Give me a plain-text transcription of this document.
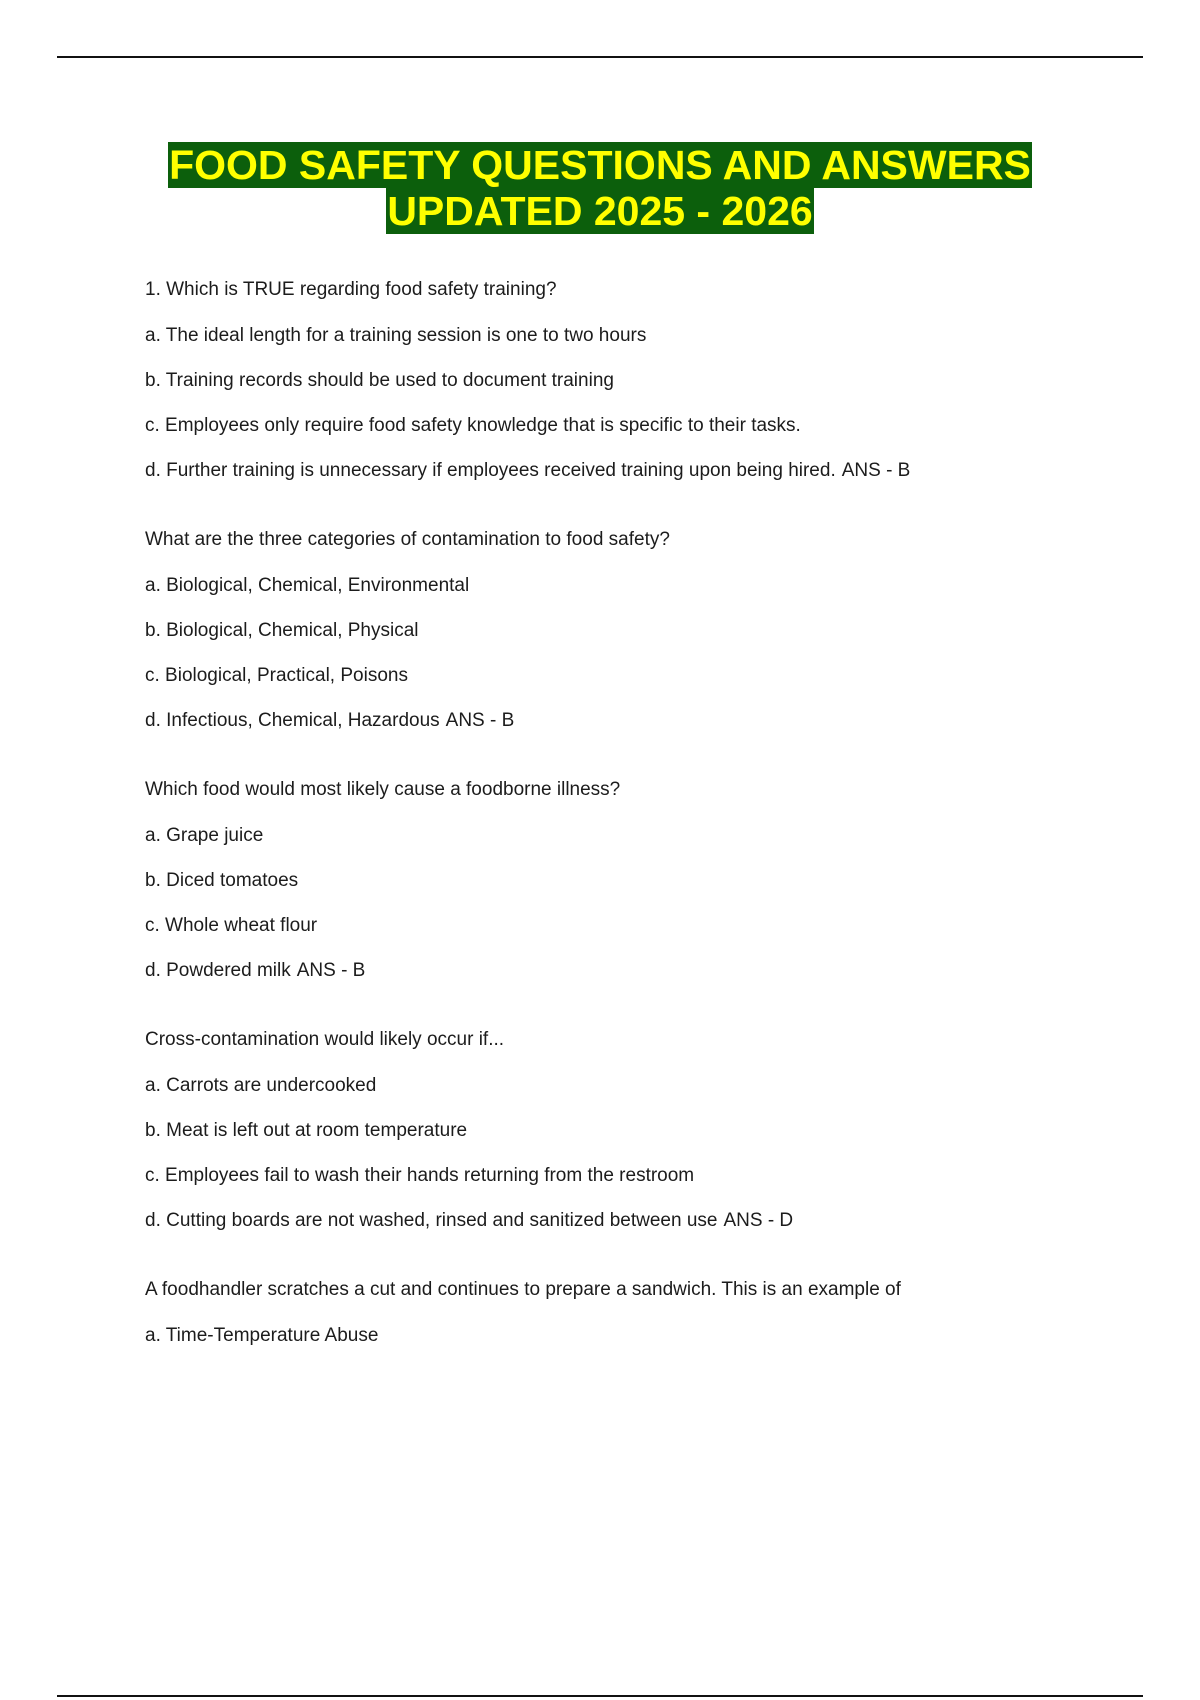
FOOD SAFETY QUESTIONS AND ANSWERS
UPDATED 2025 - 2026
1. Which is TRUE regarding food safety training?
a. The ideal length for a training session is one to two hours
b. Training records should be used to document training
c. Employees only require food safety knowledge that is specific to their tasks.
d. Further training is unnecessary if employees received training upon being hired. ANS - B
What are the three categories of contamination to food safety?
a. Biological, Chemical, Environmental
b. Biological, Chemical, Physical
c. Biological, Practical, Poisons
d. Infectious, Chemical, Hazardous ANS - B
Which food would most likely cause a foodborne illness?
a. Grape juice
b. Diced tomatoes
c. Whole wheat flour
d. Powdered milk ANS - B
Cross-contamination would likely occur if...
a. Carrots are undercooked
b. Meat is left out at room temperature
c. Employees fail to wash their hands returning from the restroom
d. Cutting boards are not washed, rinsed and sanitized between use ANS - D
A foodhandler scratches a cut and continues to prepare a sandwich. This is an example of
a. Time-Temperature Abuse
